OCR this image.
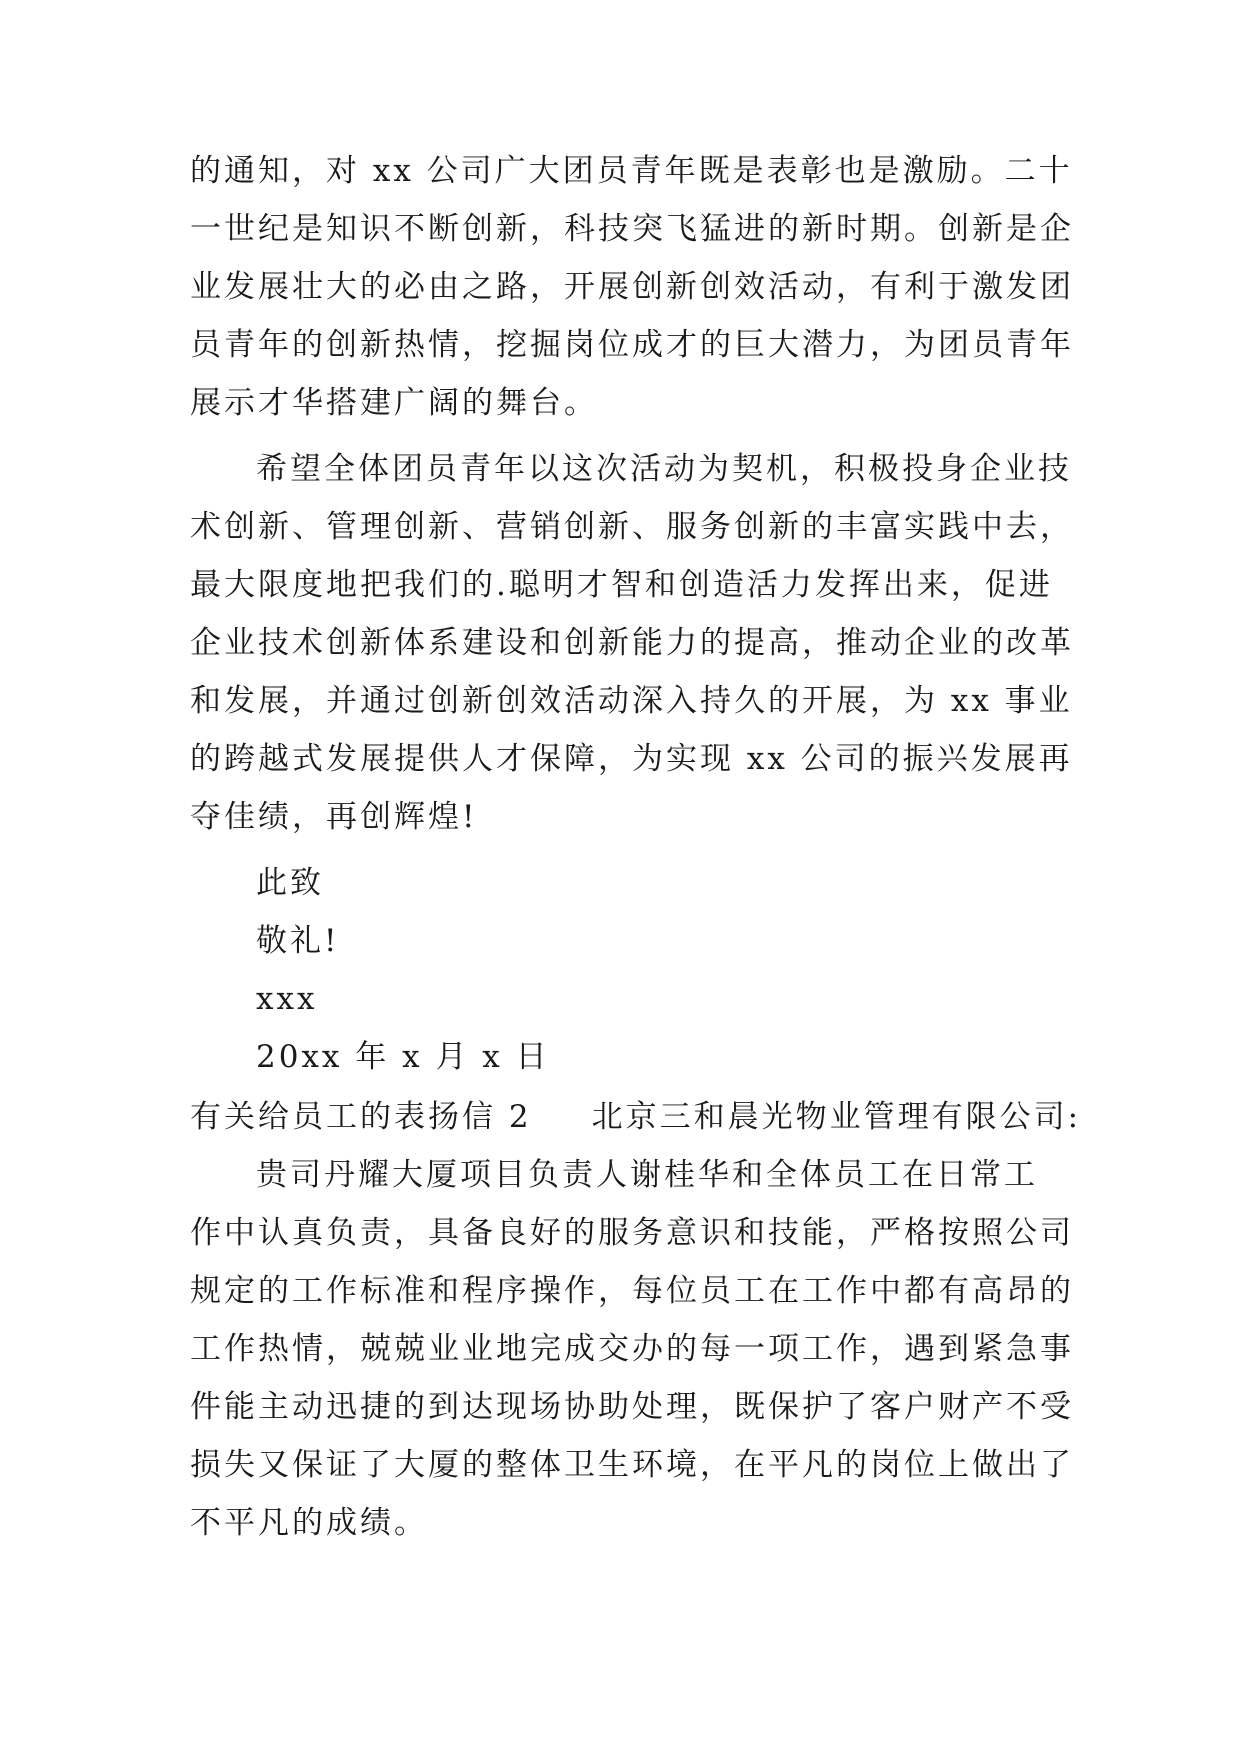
的通知，对 xx 公司广大团员青年既是表彰也是激励。二十
一世纪是知识不断创新，科技突飞猛进的新时期。创新是企
业发展壮大的必由之路，开展创新创效活动，有利于激发团
员青年的创新热情，挖掘岗位成才的巨大潜力，为团员青年
展示才华搭建广阔的舞台。
希望全体团员青年以这次活动为契机，积极投身企业技
术创新、管理创新、营销创新、服务创新的丰富实践中去，
最大限度地把我们的.聪明才智和创造活力发挥出来，促进
企业技术创新体系建设和创新能力的提高，推动企业的改革
和发展，并通过创新创效活动深入持久的开展，为 xx 事业
的跨越式发展提供人才保障，为实现 xx 公司的振兴发展再
夺佳绩，再创辉煌!
此致
敬礼!
xxx
20xx 年 x 月 x 日
有关给员工的表扬信 2 北京三和晨光物业管理有限公司:
贵司丹耀大厦项目负责人谢桂华和全体员工在日常工
作中认真负责，具备良好的服务意识和技能，严格按照公司
规定的工作标准和程序操作，每位员工在工作中都有高昂的
工作热情，兢兢业业地完成交办的每一项工作，遇到紧急事
件能主动迅捷的到达现场协助处理，既保护了客户财产不受
损失又保证了大厦的整体卫生环境，在平凡的岗位上做出了
不平凡的成绩。
